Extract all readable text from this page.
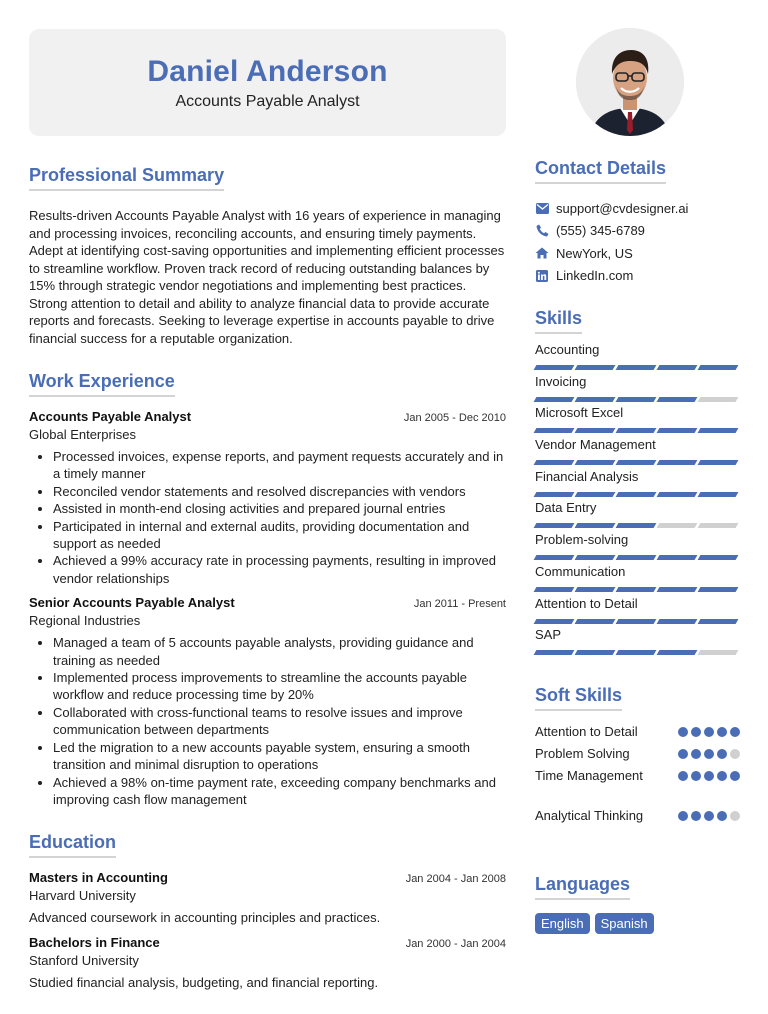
Daniel Anderson
Accounts Payable Analyst
Professional Summary
Results-driven Accounts Payable Analyst with 16 years of experience in managing and processing invoices, reconciling accounts, and ensuring timely payments. Adept at identifying cost-saving opportunities and implementing efficient processes to streamline workflow. Proven track record of reducing outstanding balances by 15% through strategic vendor negotiations and implementing best practices. Strong attention to detail and ability to analyze financial data to provide accurate reports and forecasts. Seeking to leverage expertise in accounts payable to drive financial success for a reputable organization.
Work Experience
Accounts Payable Analyst	Jan 2005 - Dec 2010
Global Enterprises
• Processed invoices, expense reports, and payment requests accurately and in a timely manner
• Reconciled vendor statements and resolved discrepancies with vendors
• Assisted in month-end closing activities and prepared journal entries
• Participated in internal and external audits, providing documentation and support as needed
• Achieved a 99% accuracy rate in processing payments, resulting in improved vendor relationships
Senior Accounts Payable Analyst	Jan 2011 - Present
Regional Industries
• Managed a team of 5 accounts payable analysts, providing guidance and training as needed
• Implemented process improvements to streamline the accounts payable workflow and reduce processing time by 20%
• Collaborated with cross-functional teams to resolve issues and improve communication between departments
• Led the migration to a new accounts payable system, ensuring a smooth transition and minimal disruption to operations
• Achieved a 98% on-time payment rate, exceeding company benchmarks and improving cash flow management
Education
Masters in Accounting	Jan 2004 - Jan 2008
Harvard University
Advanced coursework in accounting principles and practices.
Bachelors in Finance	Jan 2000 - Jan 2004
Stanford University
Studied financial analysis, budgeting, and financial reporting.
Contact Details
support@cvdesigner.ai
(555) 345-6789
NewYork, US
LinkedIn.com
Skills
Accounting
Invoicing
Microsoft Excel
Vendor Management
Financial Analysis
Data Entry
Problem-solving
Communication
Attention to Detail
SAP
Soft Skills
Attention to Detail
Problem Solving
Time Management
Analytical Thinking
Languages
English	Spanish
